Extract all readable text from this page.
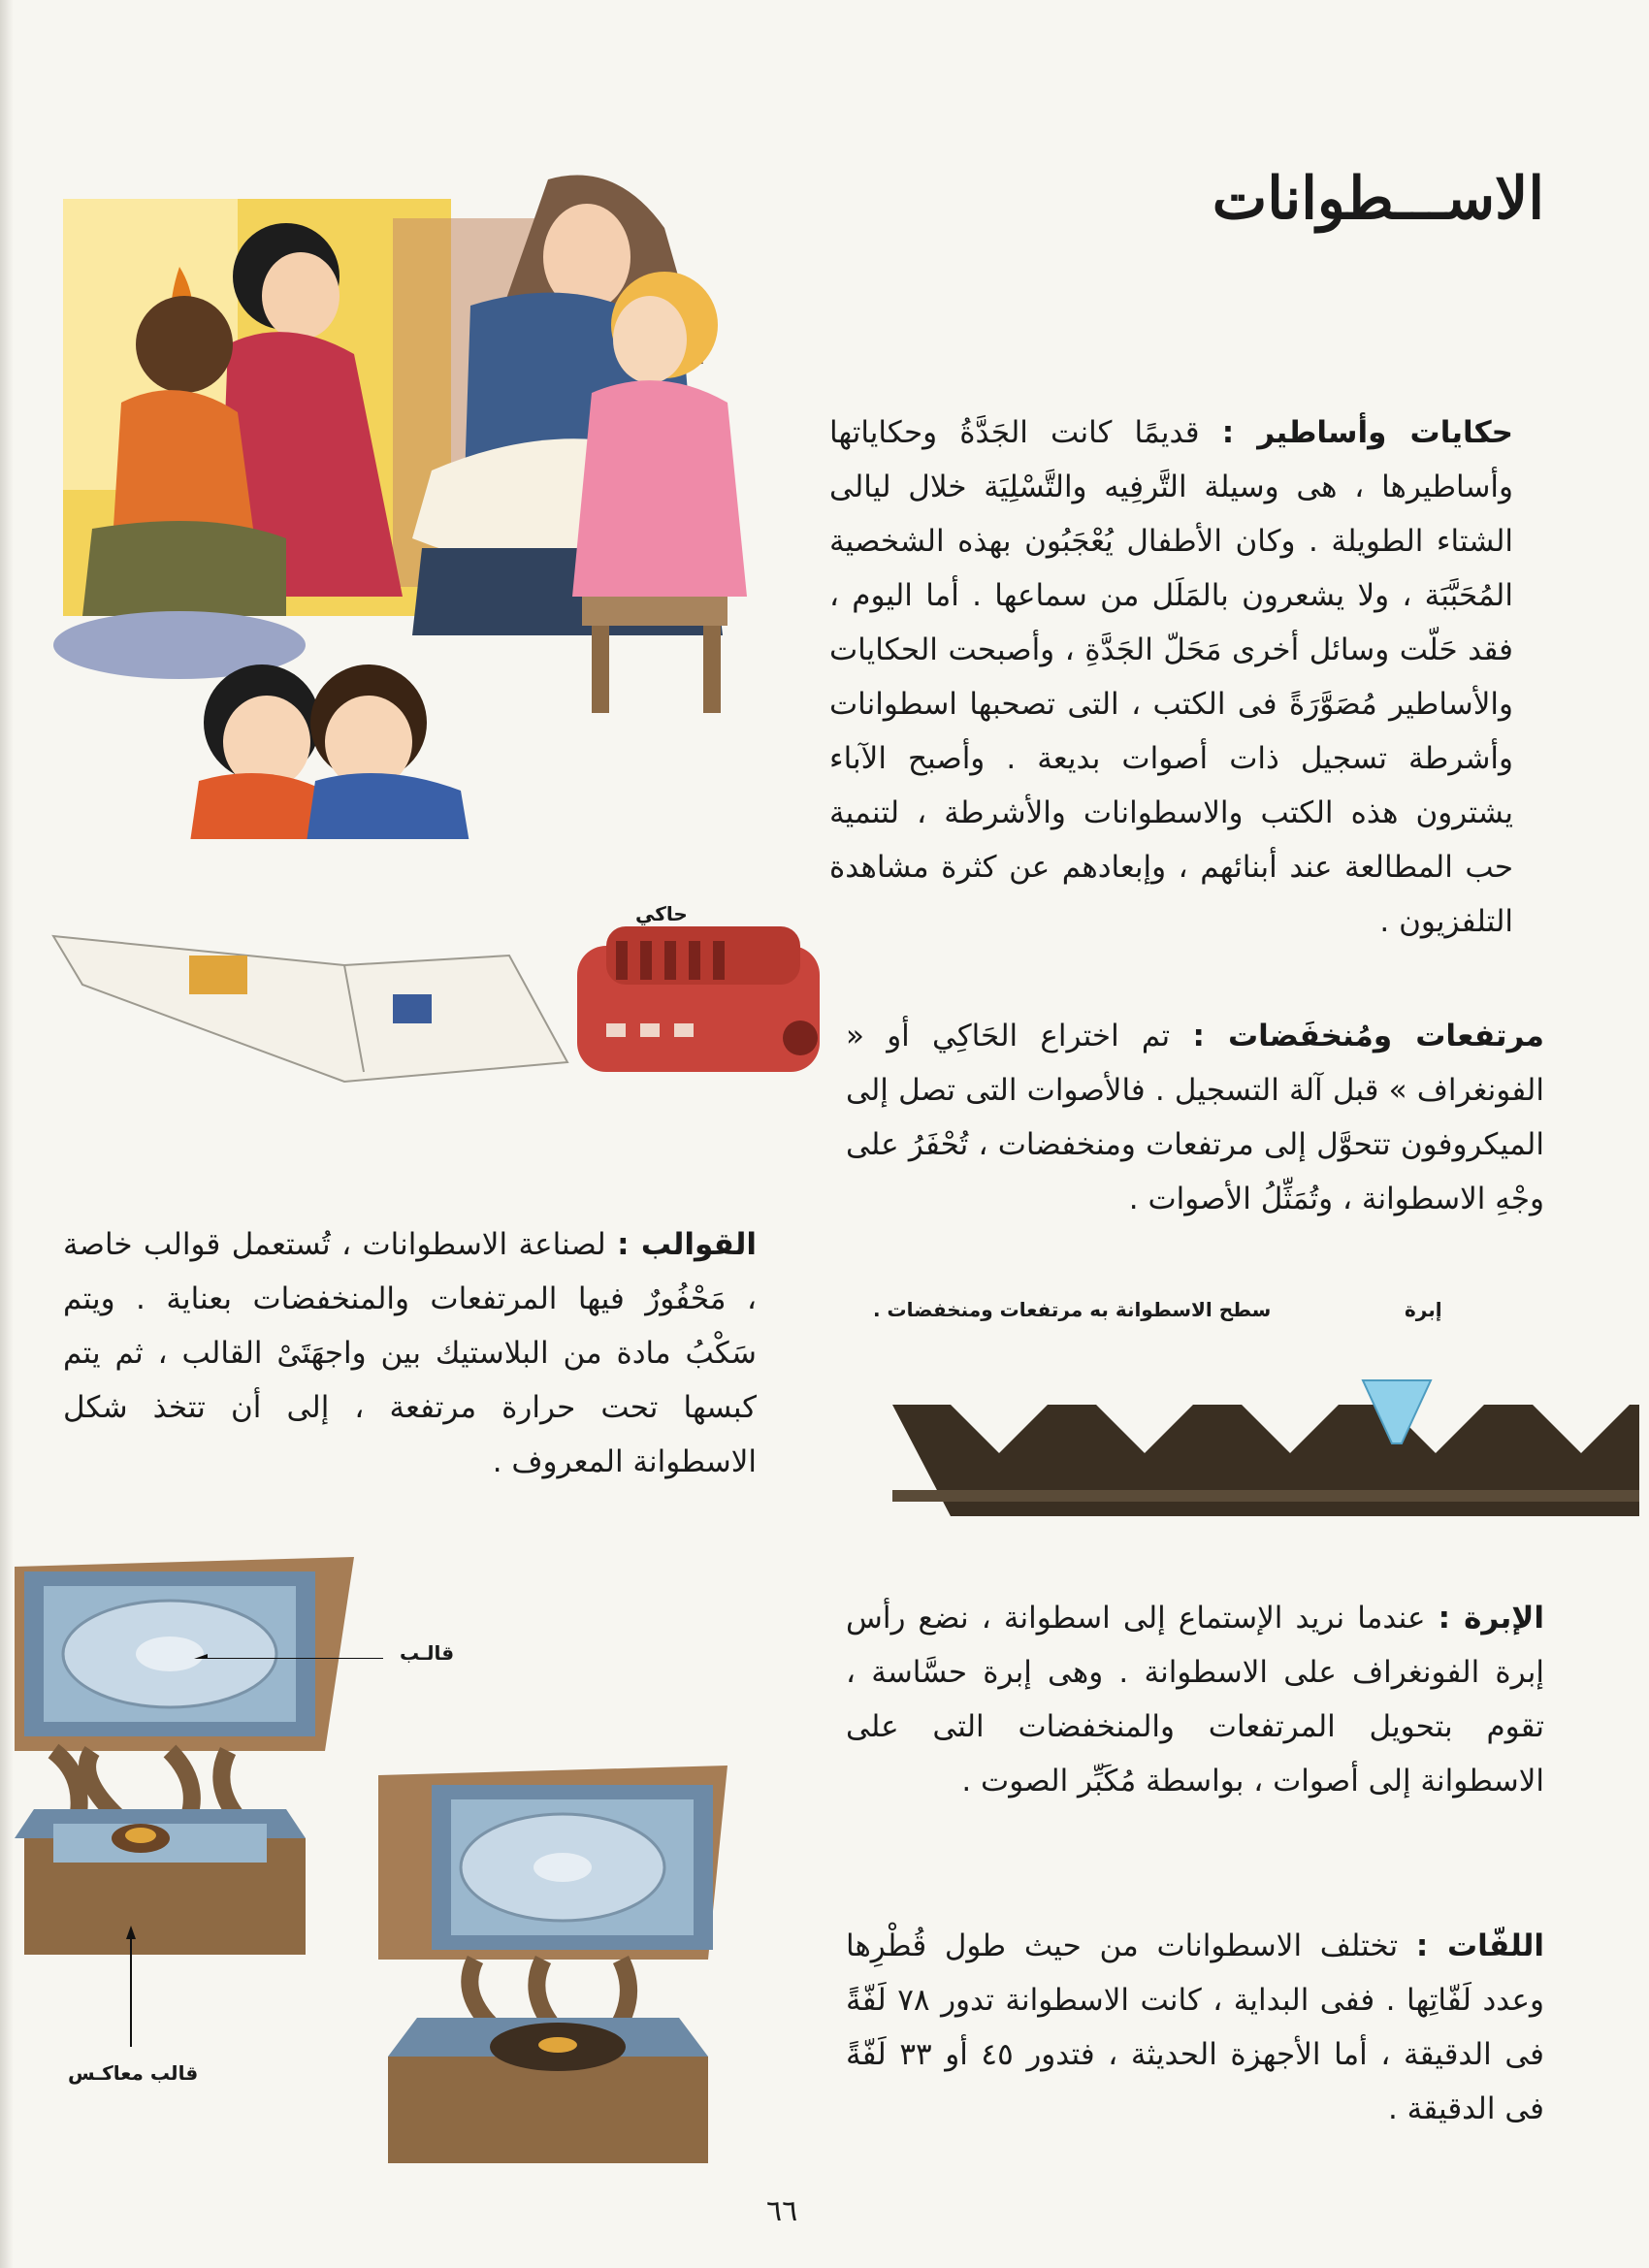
الاســـطوانات
حاكي
حكايات وأساطير : قديمًا كانت الجَدَّةُ وحكاياتها وأساطيرها ، هى وسيلة التَّرفِيه والتَّسْلِيَة خلال ليالى الشتاء الطويلة . وكان الأطفال يُعْجَبُون بهذه الشخصية المُحَبَّبَة ، ولا يشعرون بالمَلَل من سماعها . أما اليوم ، فقد حَلّت وسائل أخرى مَحَلّ الجَدَّةِ ، وأصبحت الحكايات والأساطير مُصَوَّرَةً فى الكتب ، التى تصحبها اسطوانات وأشرطة تسجيل ذات أصوات بديعة . وأصبح الآباء يشترون هذه الكتب والاسطوانات والأشرطة ، لتنمية حب المطالعة عند أبنائهم ، وإبعادهم عن كثرة مشاهدة التلفزيون .
مرتفعات ومُنخفَضات : تم اختراع الحَاكِي أو « الفونغراف » قبل آلة التسجيل . فالأصوات التى تصل إلى الميكروفون تتحوَّل إلى مرتفعات ومنخفضات ، تُحْفَرُ على وجْهِ الاسطوانة ، وتُمَثِّلُ الأصوات .
القوالب : لصناعة الاسطوانات ، تُستعمل قوالب خاصة ، مَحْفُورٌ فيها المرتفعات والمنخفضات بعناية . ويتم سَكْبُ مادة من البلاستيك بين واجهَتَىْ القالب ، ثم يتم كبسها تحت حرارة مرتفعة ، إلى أن تتخذ شكل الاسطوانة المعروف .
سطح الاسطوانة به مرتفعات ومنخفضات .	إبرة
الإبرة : عندما نريد الإستماع إلى اسطوانة ، نضع رأس إبرة الفونغراف على الاسطوانة . وهى إبرة حسَّاسة ، تقوم بتحويل المرتفعات والمنخفضات التى على الاسطوانة إلى أصوات ، بواسطة مُكَبِّر الصوت .
اللفّات : تختلف الاسطوانات من حيث طول قُطْرِها وعدد لَفّاتِها . ففى البداية ، كانت الاسطوانة تدور ٧٨ لَفّةً فى الدقيقة ، أما الأجهزة الحديثة ، فتدور ٤٥ أو ٣٣ لَفّةً فى الدقيقة .
قالـب
قالب معاكـس
٦٦
